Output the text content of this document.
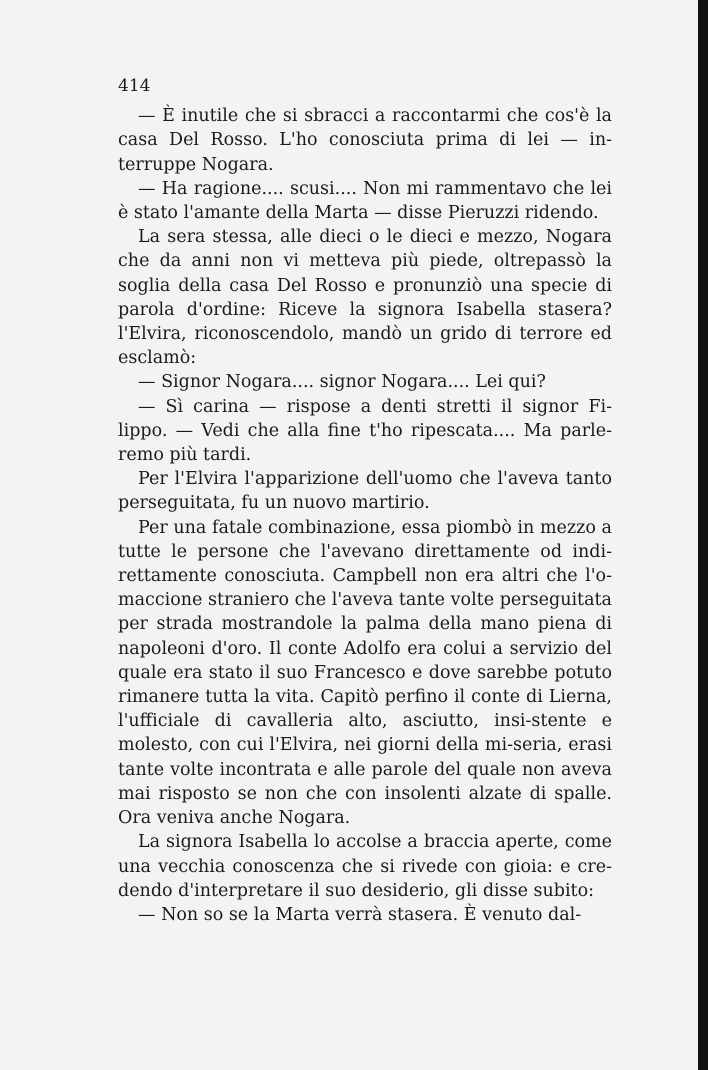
414

— È inutile che si sbracci a raccontarmi che cos'è la casa Del Rosso. L'ho conosciuta prima di lei — in-terruppe Nogara.

— Ha ragione.... scusi.... Non mi rammentavo che lei è stato l'amante della Marta — disse Pieruzzi ridendo.

La sera stessa, alle dieci o le dieci e mezzo, Nogara che da anni non vi metteva più piede, oltrepassò la soglia della casa Del Rosso e pronunziò una specie di parola d'ordine: Riceve la signora Isabella stasera? l'Elvira, riconoscendolo, mandò un grido di terrore ed esclamò:

— Signor Nogara.... signor Nogara.... Lei qui?

— Sì carina — rispose a denti stretti il signor Fi-lippo. — Vedi che alla fine t'ho ripescata.... Ma parle-remo più tardi.

Per l'Elvira l'apparizione dell'uomo che l'aveva tanto perseguitata, fu un nuovo martirio.

Per una fatale combinazione, essa piombò in mezzo a tutte le persone che l'avevano direttamente od indi-rettamente conosciuta. Campbell non era altri che l'o-maccione straniero che l'aveva tante volte perseguitata per strada mostrandole la palma della mano piena di napoleoni d'oro. Il conte Adolfo era colui a servizio del quale era stato il suo Francesco e dove sarebbe potuto rimanere tutta la vita. Capitò perfino il conte di Lierna, l'ufficiale di cavalleria alto, asciutto, insi-stente e molesto, con cui l'Elvira, nei giorni della mi-seria, erasi tante volte incontrata e alle parole del quale non aveva mai risposto se non che con insolenti alzate di spalle. Ora veniva anche Nogara.

La signora Isabella lo accolse a braccia aperte, come una vecchia conoscenza che si rivede con gioia: e cre-dendo d'interpretare il suo desiderio, gli disse subito:

— Non so se la Marta verrà stasera. È venuto dal-
